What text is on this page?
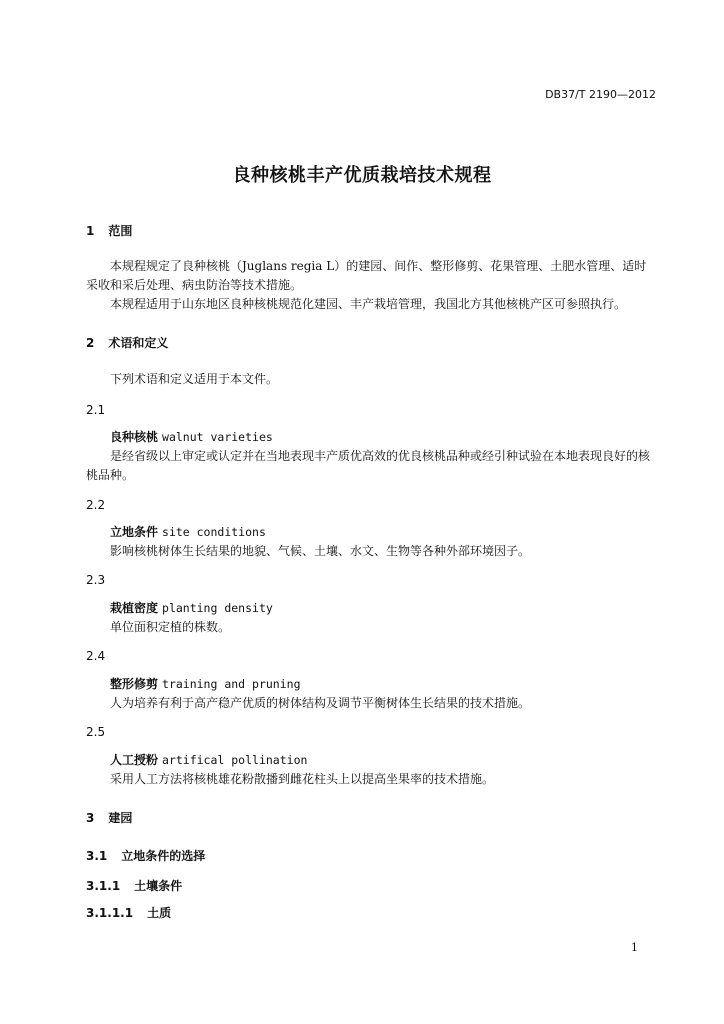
DB37/T 2190—2012
良种核桃丰产优质栽培技术规程
1 范围

本规程规定了良种核桃（Juglans regia L）的建园、间作、整形修剪、花果管理、土肥水管理、适时采收和采后处理、病虫防治等技术措施。

本规程适用于山东地区良种核桃规范化建园、丰产栽培管理，我国北方其他核桃产区可参照执行。

2 术语和定义

下列术语和定义适用于本文件。

2.1
良种核桃 walnut varieties

是经省级以上审定或认定并在当地表现丰产质优高效的优良核桃品种或经引种试验在本地表现良好的核桃品种。

2.2
立地条件 site conditions

影响核桃树体生长结果的地貌、气候、土壤、水文、生物等各种外部环境因子。

2.3
栽植密度 planting density

单位面积定植的株数。

2.4
整形修剪 training and pruning

人为培养有利于高产稳产优质的树体结构及调节平衡树体生长结果的技术措施。

2.5
人工授粉 artifical pollination

采用人工方法将核桃雄花粉散播到雌花柱头上以提高坐果率的技术措施。

3 建园
3.1 立地条件的选择
3.1.1 土壤条件
3.1.1.1 土质
1
